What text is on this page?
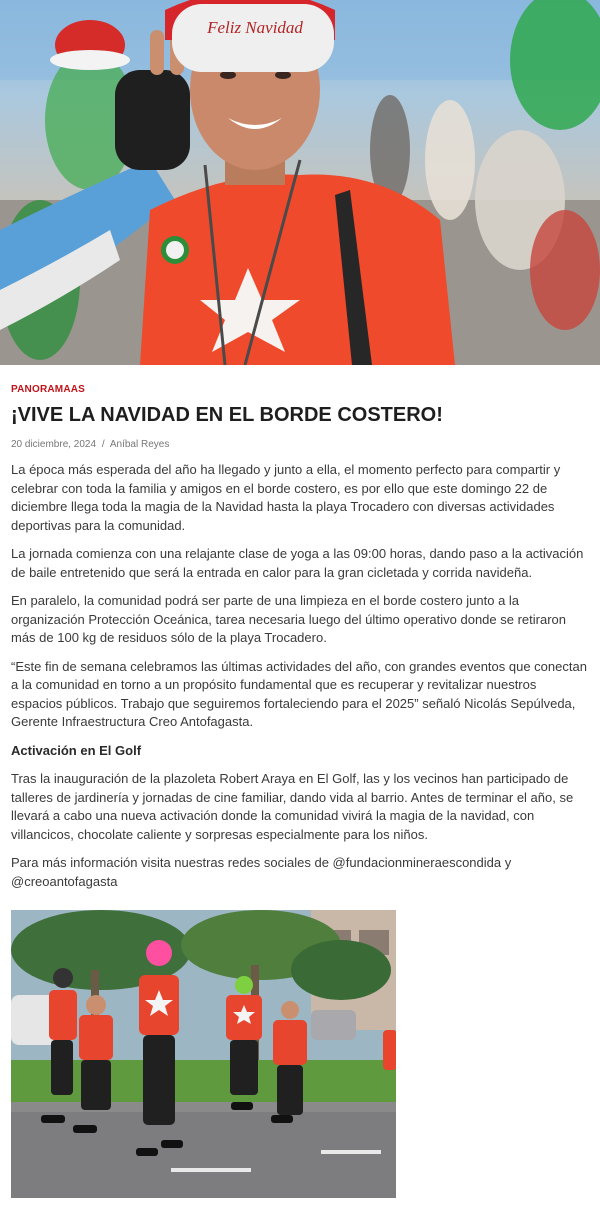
Feliz Navidad
PANORAMAAS
¡VIVE LA NAVIDAD EN EL BORDE COSTERO!
20 diciembre, 2024 / Aníbal Reyes

La época más esperada del año ha llegado y junto a ella, el momento perfecto para compartir y celebrar con toda la familia y amigos en el borde costero, es por ello que este domingo 22 de diciembre llega toda la magia de la Navidad hasta la playa Trocadero con diversas actividades deportivas para la comunidad.

La jornada comienza con una relajante clase de yoga a las 09:00 horas, dando paso a la activación de baile entretenido que será la entrada en calor para la gran cicletada y corrida navideña.

En paralelo, la comunidad podrá ser parte de una limpieza en el borde costero junto a la organización Protección Oceánica, tarea necesaria luego del último operativo donde se retiraron más de 100 kg de residuos sólo de la playa Trocadero.

“Este fin de semana celebramos las últimas actividades del año, con grandes eventos que conectan a la comunidad en torno a un propósito fundamental que es recuperar y revitalizar nuestros espacios públicos. Trabajo que seguiremos fortaleciendo para el 2025” señaló Nicolás Sepúlveda, Gerente Infraestructura Creo Antofagasta.

Activación en El Golf

Tras la inauguración de la plazoleta Robert Araya en El Golf, las y los vecinos han participado de talleres de jardinería y jornadas de cine familiar, dando vida al barrio. Antes de terminar el año, se llevará a cabo una nueva activación donde la comunidad vivirá la magia de la navidad, con villancicos, chocolate caliente y sorpresas especialmente para los niños.

Para más información visita nuestras redes sociales de @fundacionminera​escondida y @creoantofagasta
